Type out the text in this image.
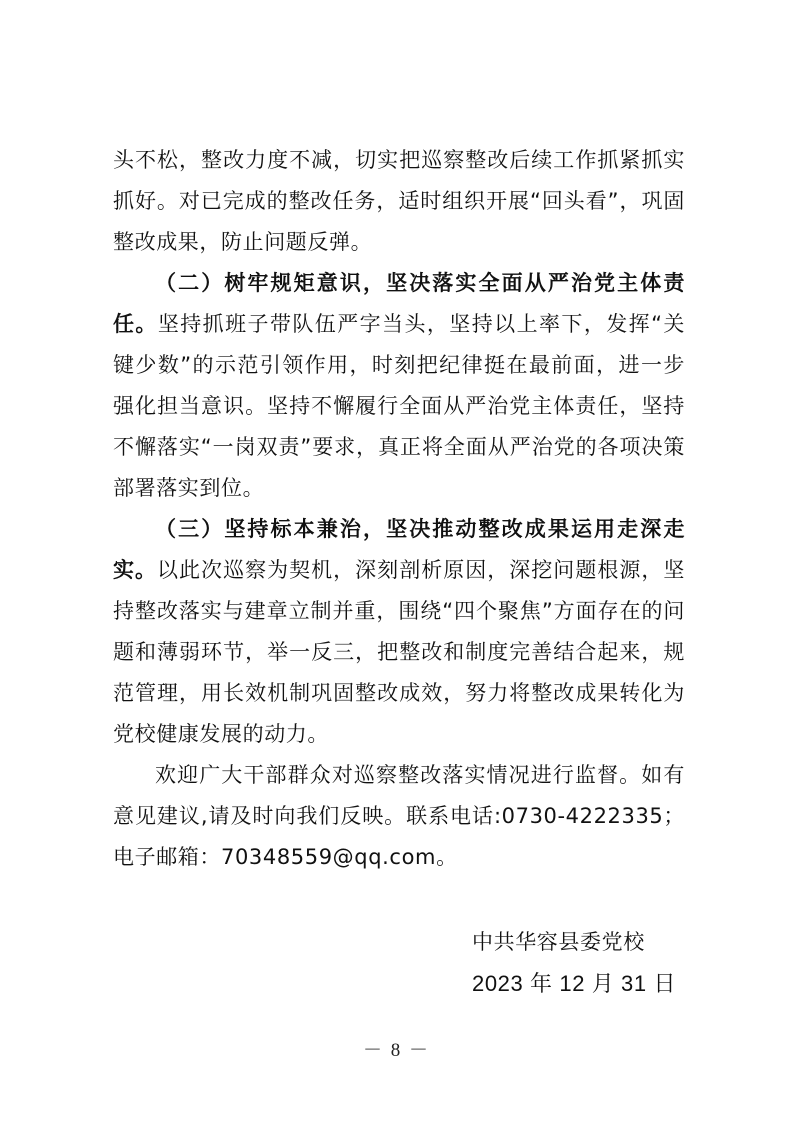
头不松，整改力度不减，切实把巡察整改后续工作抓紧抓实抓好。对已完成的整改任务，适时组织开展“回头看”，巩固整改成果，防止问题反弹。

（二）树牢规矩意识，坚决落实全面从严治党主体责任。坚持抓班子带队伍严字当头，坚持以上率下，发挥“关键少数”的示范引领作用，时刻把纪律挺在最前面，进一步强化担当意识。坚持不懈履行全面从严治党主体责任，坚持不懈落实“一岗双责”要求，真正将全面从严治党的各项决策部署落实到位。

（三）坚持标本兼治，坚决推动整改成果运用走深走实。以此次巡察为契机，深刻剖析原因，深挖问题根源，坚持整改落实与建章立制并重，围绕“四个聚焦”方面存在的问题和薄弱环节，举一反三，把整改和制度完善结合起来，规范管理，用长效机制巩固整改成效，努力将整改成果转化为党校健康发展的动力。

欢迎广大干部群众对巡察整改落实情况进行监督。如有意见建议,请及时向我们反映。联系电话:0730-4222335；电子邮箱：70348559@qq.com。

中共华容县委党校
2023 年 12 月 31 日
－ 8 －
